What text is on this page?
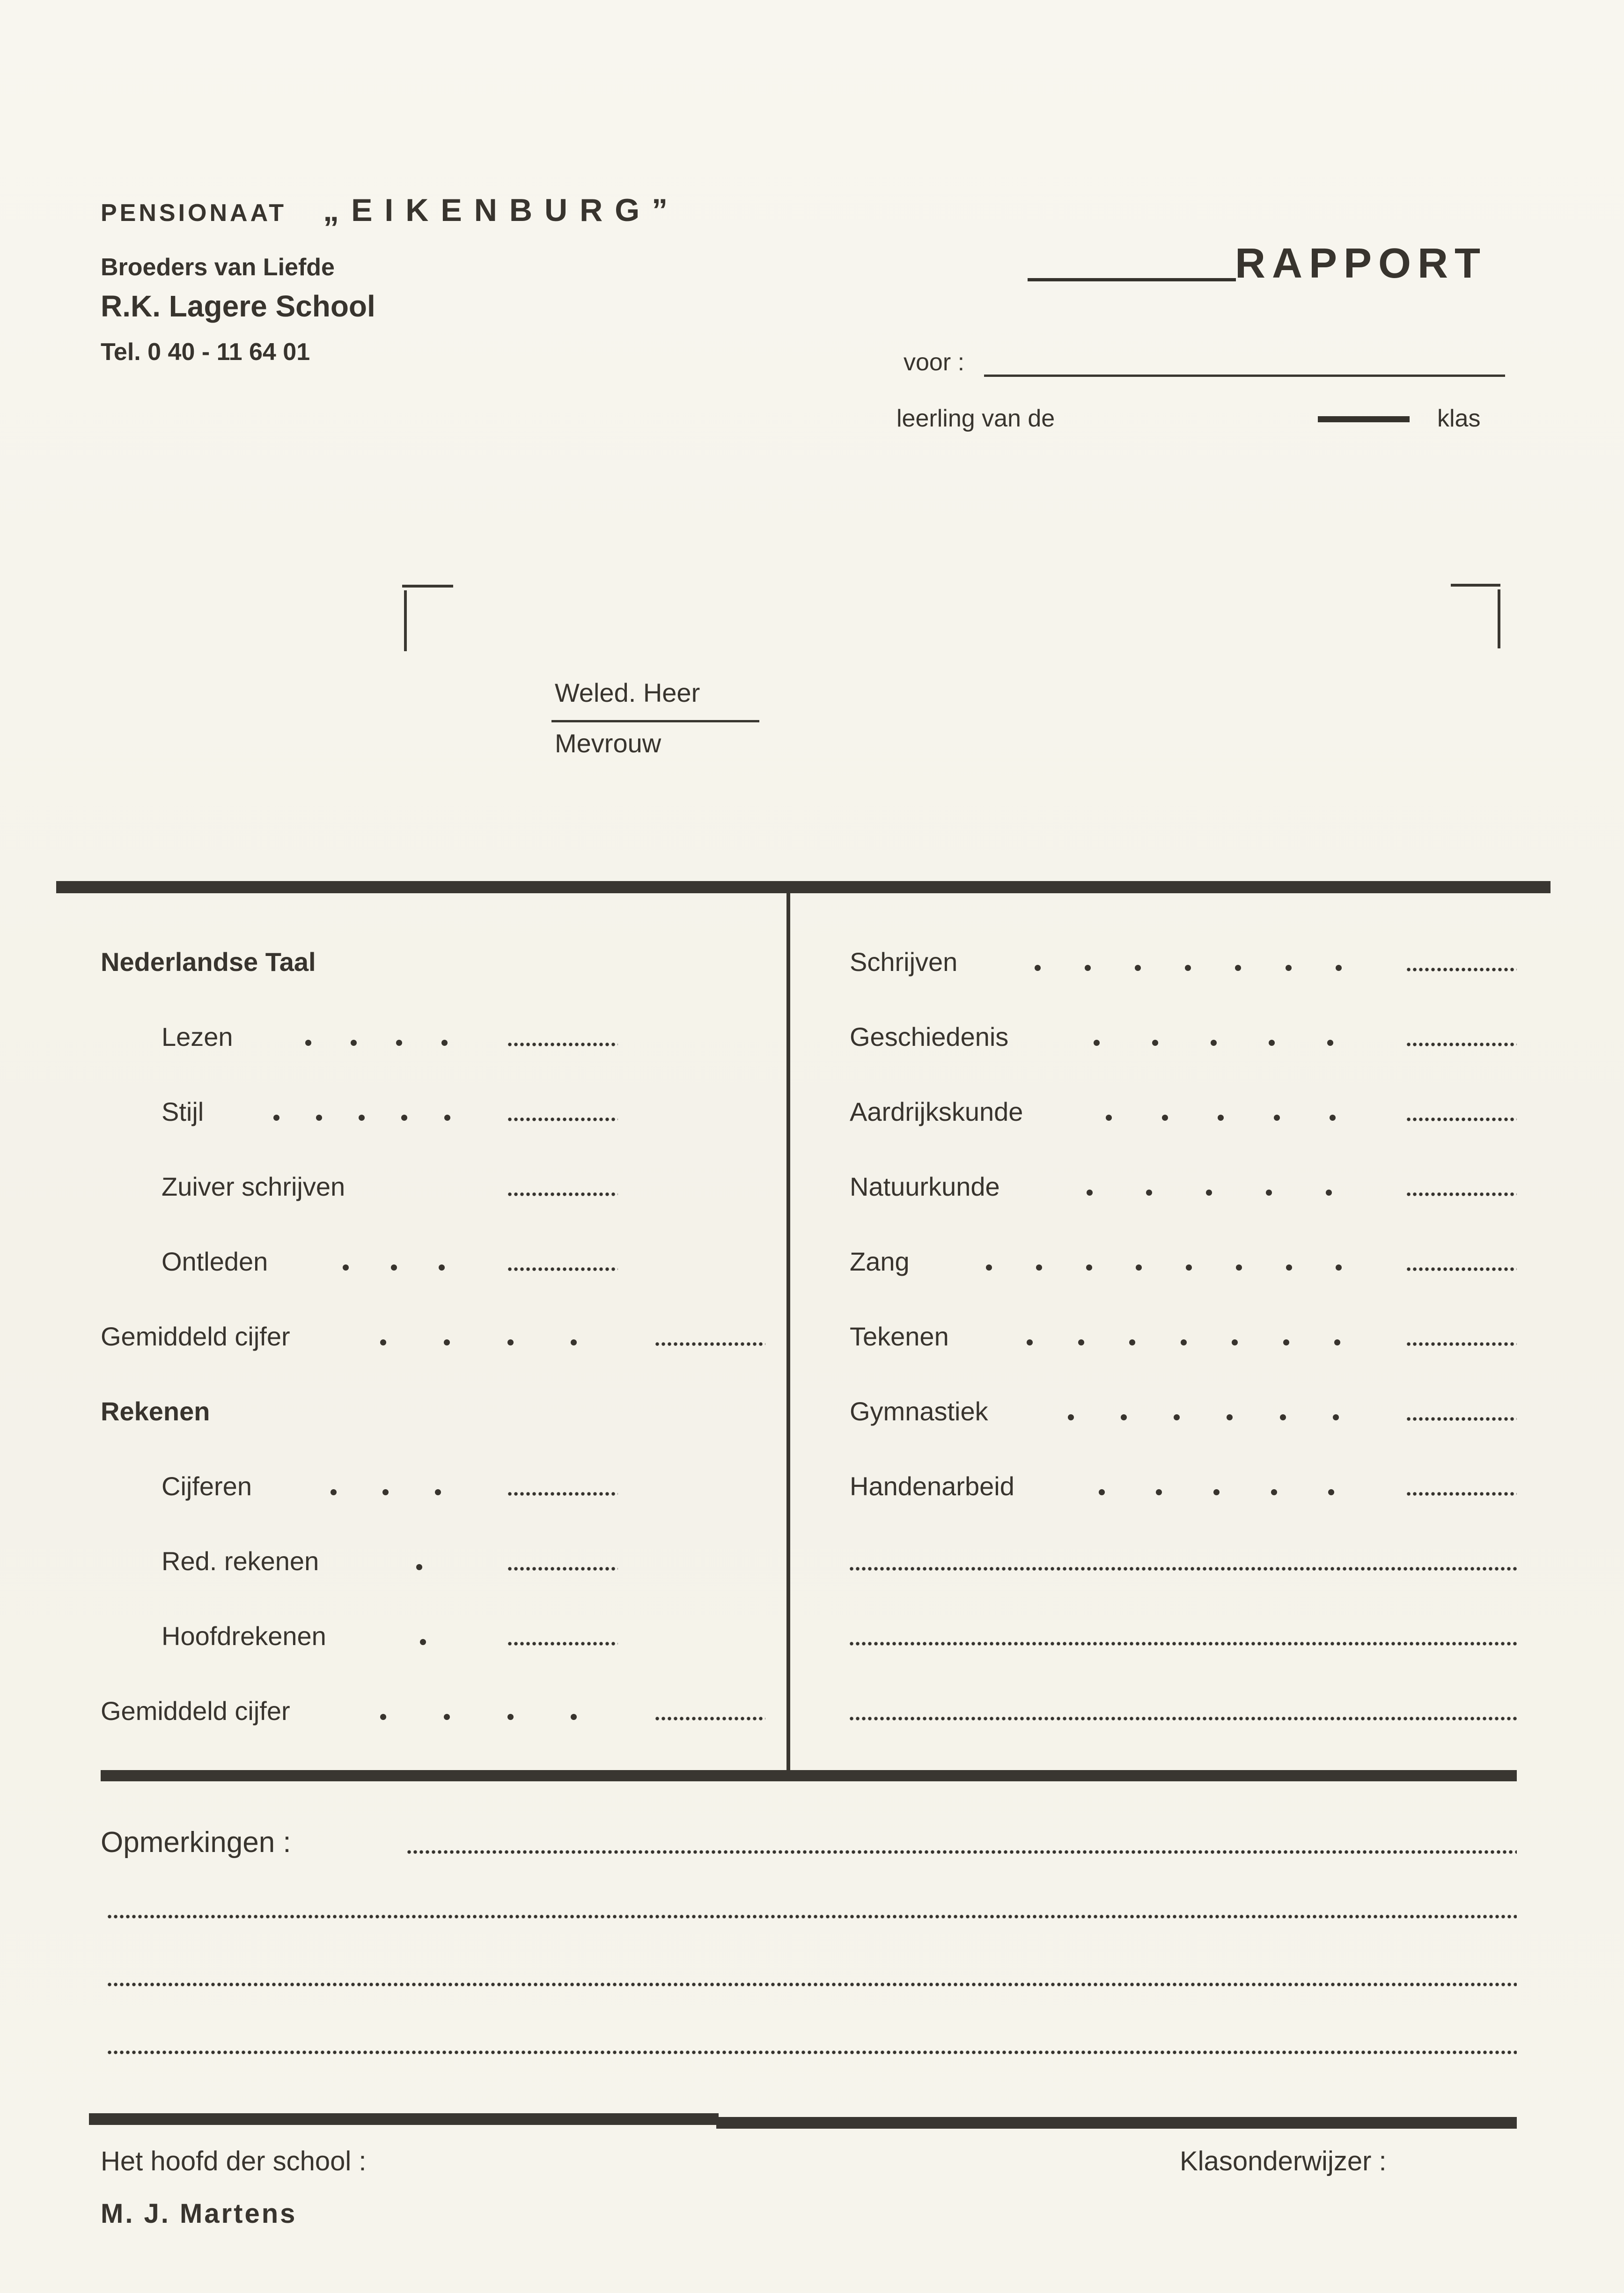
PENSIONAAT „EIKENBURG”
Broeders van Liefde
R.K. Lagere School
Tel. 0 40 - 11 64 01
RAPPORT
voor :
leerling van de	klas
Weled. Heer
Mevrouw
Nederlandse Taal
Lezen
Stijl
Zuiver schrijven
Ontleden
Gemiddeld cijfer
Rekenen
Cijferen
Red. rekenen
Hoofdrekenen
Gemiddeld cijfer
Schrijven
Geschiedenis
Aardrijkskunde
Natuurkunde
Zang
Tekenen
Gymnastiek
Handenarbeid
Opmerkingen :
Het hoofd der school :	Klasonderwijzer :
M. J. Martens
